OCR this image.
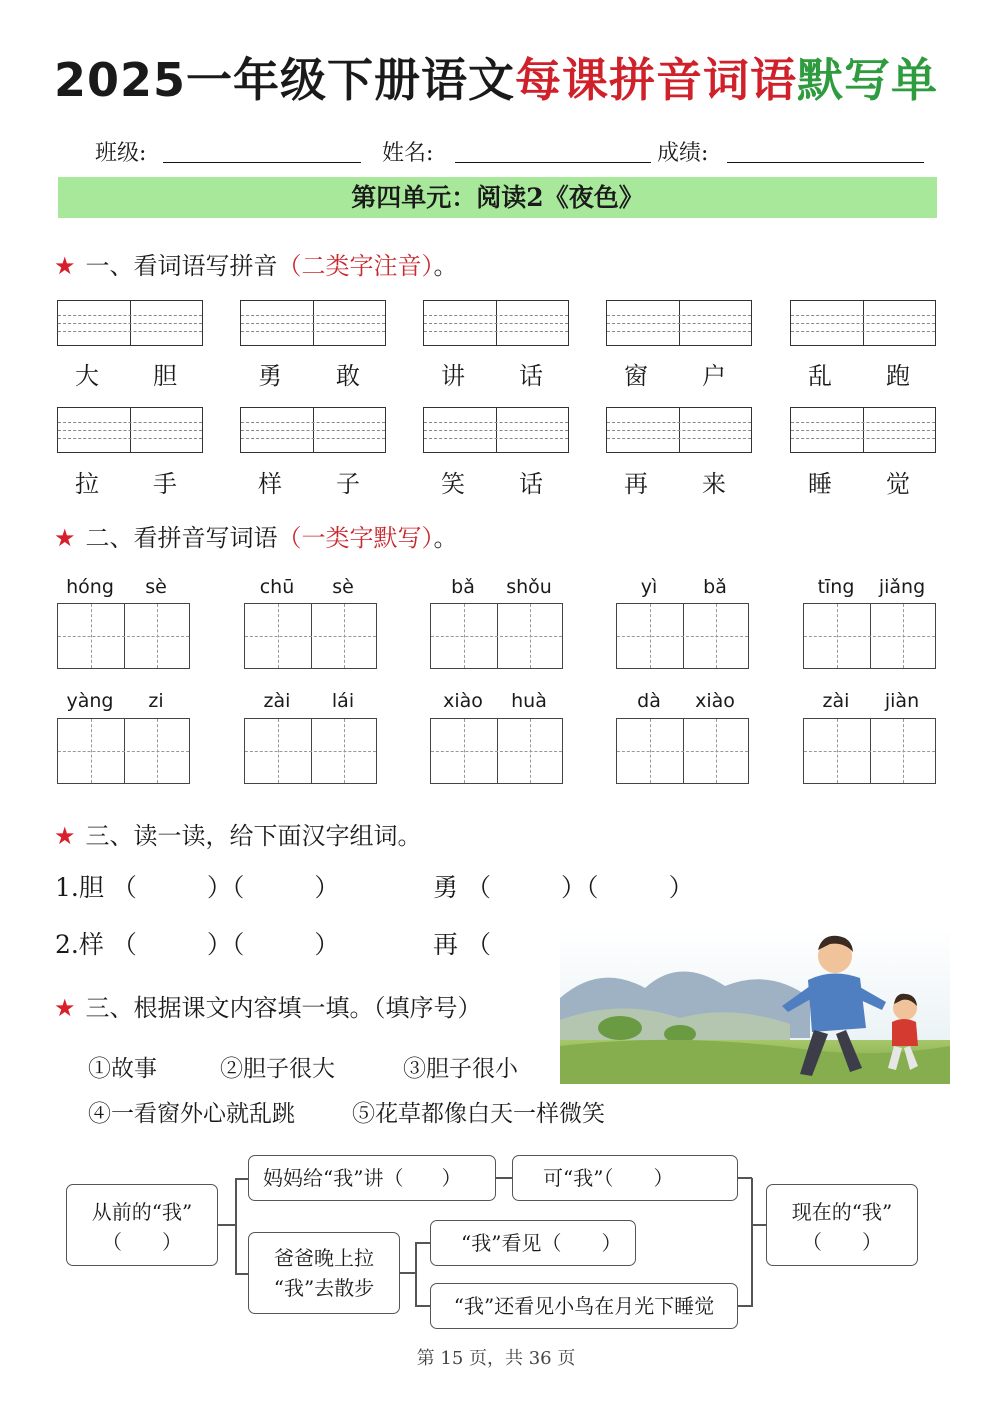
2025一年级下册语文每课拼音词语默写单
班级:	姓名:	成绩:
第四单元：阅读2《夜色》
★ 一、看词语写拼音（二类字注音）。
大	胆	勇	敢	讲	话	窗	户	乱	跑
拉	手	样	子	笑	话	再	来	睡	觉
★ 二、看拼音写词语（一类字默写）。
hóng	sè	chū	sè	bǎ	shǒu	yì	bǎ	tīng	jiǎng
yàng	zi	zài	lái	xiào	huà	dà	xiào	zài	jiàn
★ 三、读一读，给下面汉字组词。
1.胆 （	）（	）	勇 （	）（	）
2.样 （	）（	）	再 （
★ 三、根据课文内容填一填。（填序号）
①故事	②胆子很大	③胆子很小
④一看窗外心就乱跳 ⑤花草都像白天一样微笑
从前的“我”
（　　）
妈妈给“我”讲（ ）	可“我”（ ）
爸爸晚上拉
“我”去散步
“我”看见（ ）
“我”还看见小鸟在月光下睡觉
现在的“我”
（　　）
第 15 页，共 36 页
